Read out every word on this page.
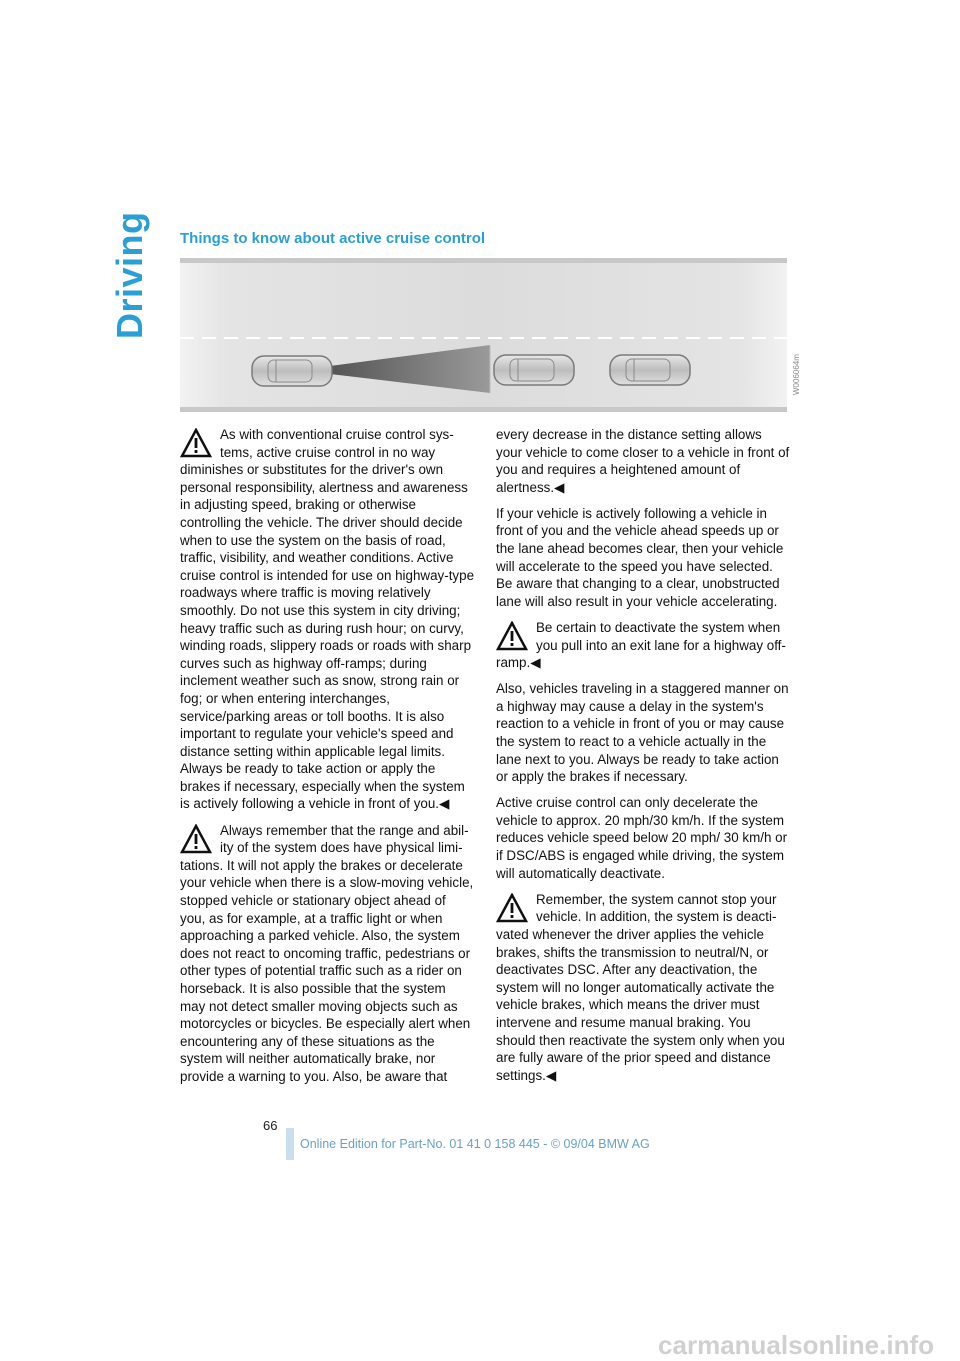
Driving Things to know about active cruise control
W006064m

As with conventional cruise control systems, active cruise control in no way diminishes or substitutes for the driver's own personal responsibility, alertness and awareness in adjusting speed, braking or otherwise controlling the vehicle. The driver should decide when to use the system on the basis of road, traffic, visibility, and weather conditions. Active cruise control is intended for use on highway-type roadways where traffic is moving relatively smoothly. Do not use this system in city driving; heavy traffic such as during rush hour; on curvy, winding roads, slippery roads or roads with sharp curves such as highway off-ramps; during inclement weather such as snow, strong rain or fog; or when entering interchanges, service/parking areas or toll booths. It is also important to regulate your vehicle's speed and distance setting within applicable legal limits. Always be ready to take action or apply the brakes if necessary, especially when the system is actively following a vehicle in front of you.◀

Always remember that the range and ability of the system does have physical limitations. It will not apply the brakes or decelerate your vehicle when there is a slow-moving vehicle, stopped vehicle or stationary object ahead of you, as for example, at a traffic light or when approaching a parked vehicle. Also, the system does not react to oncoming traffic, pedestrians or other types of potential traffic such as a rider on horseback. It is also possible that the system may not detect smaller moving objects such as motorcycles or bicycles. Be especially alert when encountering any of these situations as the system will neither automatically brake, nor provide a warning to you. Also, be aware that

every decrease in the distance setting allows your vehicle to come closer to a vehicle in front of you and requires a heightened amount of alertness.◀

If your vehicle is actively following a vehicle in front of you and the vehicle ahead speeds up or the lane ahead becomes clear, then your vehicle will accelerate to the speed you have selected. Be aware that changing to a clear, unobstructed lane will also result in your vehicle accelerating.

Be certain to deactivate the system when you pull into an exit lane for a highway off-ramp.◀

Also, vehicles traveling in a staggered manner on a highway may cause a delay in the system's reaction to a vehicle in front of you or may cause the system to react to a vehicle actually in the lane next to you. Always be ready to take action or apply the brakes if necessary.

Active cruise control can only decelerate the vehicle to approx. 20 mph/30 km/h. If the system reduces vehicle speed below 20 mph/ 30 km/h or if DSC/ABS is engaged while driving, the system will automatically deactivate.

Remember, the system cannot stop your vehicle. In addition, the system is deactivated whenever the driver applies the vehicle brakes, shifts the transmission to neutral/N, or deactivates DSC. After any deactivation, the system will no longer automatically activate the vehicle brakes, which means the driver must intervene and resume manual braking. You should then reactivate the system only when you are fully aware of the prior speed and distance settings.◀

66
Online Edition for Part-No. 01 41 0 158 445 - © 09/04 BMW AG
carmanualsonline.info
